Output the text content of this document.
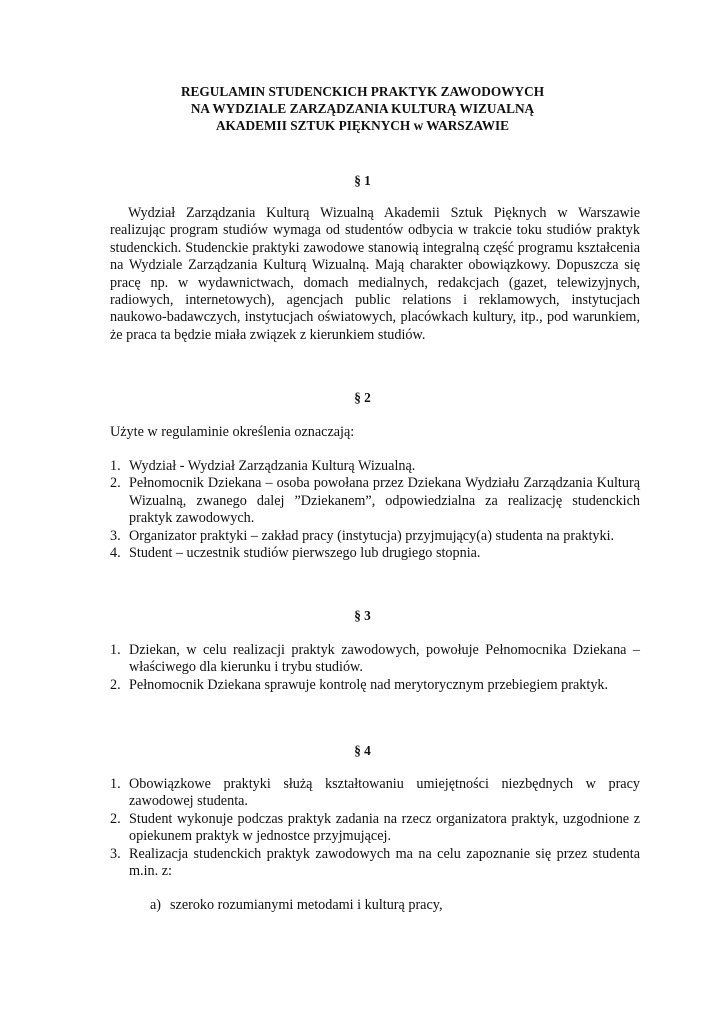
REGULAMIN STUDENCKICH PRAKTYK ZAWODOWYCH
NA WYDZIALE ZARZĄDZANIA KULTURĄ WIZUALNĄ
AKADEMII SZTUK PIĘKNYCH w WARSZAWIE
§ 1
Wydział Zarządzania Kulturą Wizualną Akademii Sztuk Pięknych w Warszawie realizując program studiów wymaga od studentów odbycia w trakcie toku studiów praktyk studenckich. Studenckie praktyki zawodowe stanowią integralną część programu kształcenia na Wydziale Zarządzania Kulturą Wizualną. Mają charakter obowiązkowy. Dopuszcza się pracę np. w wydawnictwach, domach medialnych, redakcjach (gazet, telewizyjnych, radiowych, internetowych), agencjach public relations i reklamowych, instytucjach naukowo-badawczych, instytucjach oświatowych, placówkach kultury, itp., pod warunkiem, że praca ta będzie miała związek z kierunkiem studiów.
§ 2
Użyte w regulaminie określenia oznaczają:
1. Wydział - Wydział Zarządzania Kulturą Wizualną.
2. Pełnomocnik Dziekana – osoba powołana przez Dziekana Wydziału Zarządzania Kulturą Wizualną, zwanego dalej ”Dziekanem”, odpowiedzialna za realizację studenckich praktyk zawodowych.
3. Organizator praktyki – zakład pracy (instytucja) przyjmujący(a) studenta na praktyki.
4. Student – uczestnik studiów pierwszego lub drugiego stopnia.
§ 3
1. Dziekan, w celu realizacji praktyk zawodowych, powołuje Pełnomocnika Dziekana – właściwego dla kierunku i trybu studiów.
2. Pełnomocnik Dziekana sprawuje kontrolę nad merytorycznym przebiegiem praktyk.
§ 4
1. Obowiązkowe praktyki służą kształtowaniu umiejętności niezbędnych w pracy zawodowej studenta.
2. Student wykonuje podczas praktyk zadania na rzecz organizatora praktyk, uzgodnione z opiekunem praktyk w jednostce przyjmującej.
3. Realizacja studenckich praktyk zawodowych ma na celu zapoznanie się przez studenta m.in. z:
a) szeroko rozumianymi metodami i kulturą pracy,
